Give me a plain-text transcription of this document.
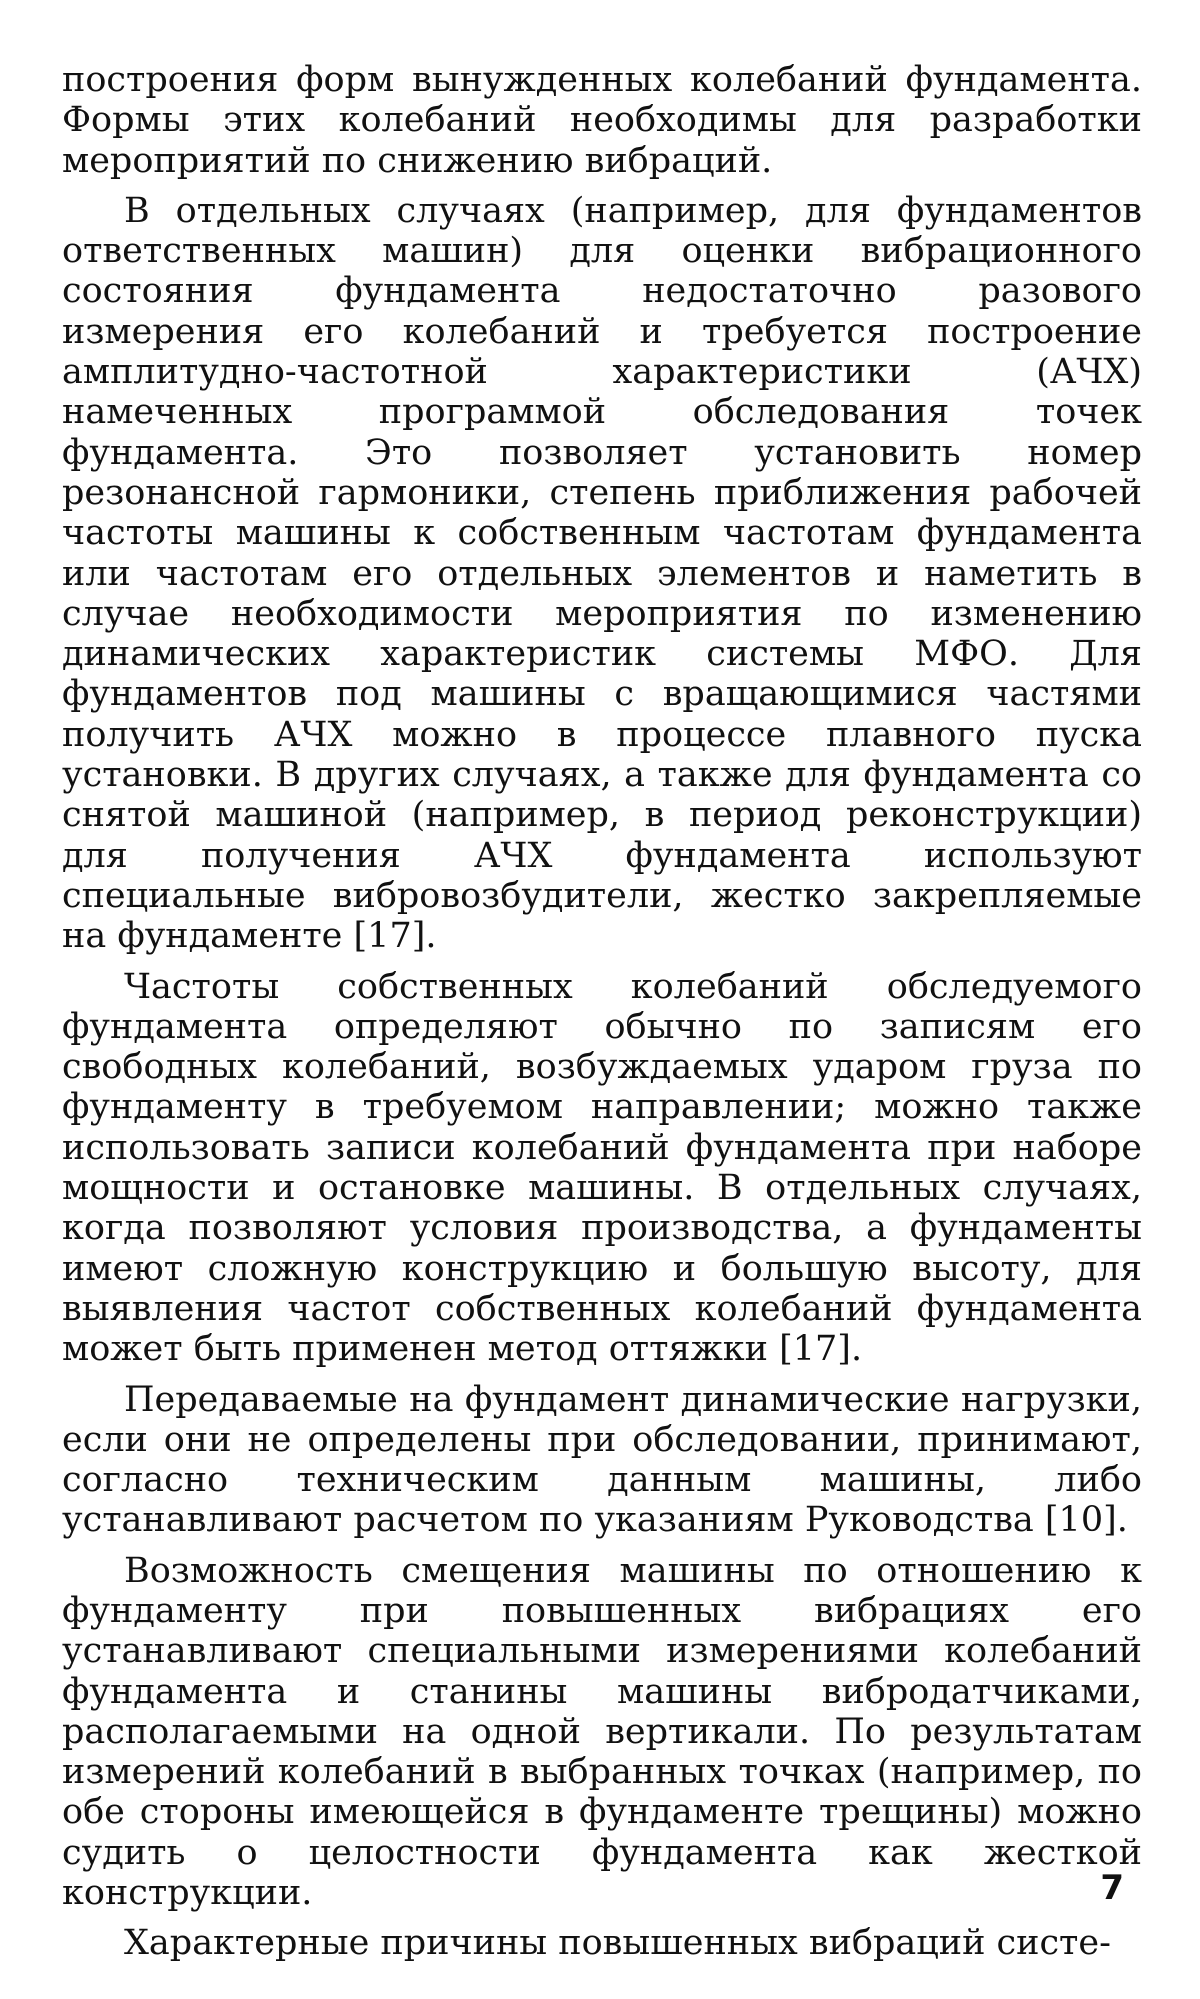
построения форм вынужденных колебаний фундамента. Формы этих колебаний необходимы для разработки мероприятий по снижению вибраций.

В отдельных случаях (например, для фундаментов ответственных машин) для оценки вибрационного состояния фундамента недостаточно разового измерения его колебаний и требуется построение амплитудно-частотной характеристики (АЧХ) намеченных программой обследования точек фундамента. Это позволяет установить номер резонансной гармоники, степень приближения рабочей частоты машины к собственным частотам фундамента или частотам его отдельных элементов и наметить в случае необходимости мероприятия по изменению динамических характеристик системы МФО. Для фундаментов под машины с вращающимися частями получить АЧХ можно в процессе плавного пуска установки. В других случаях, а также для фундамента со снятой машиной (например, в период реконструкции) для получения АЧХ фундамента используют специальные вибровозбудители, жестко закрепляемые на фундаменте [17].

Частоты собственных колебаний обследуемого фундамента определяют обычно по записям его свободных колебаний, возбуждаемых ударом груза по фундаменту в требуемом направлении; можно также использовать записи колебаний фундамента при наборе мощности и остановке машины. В отдельных случаях, когда позволяют условия производства, а фундаменты имеют сложную конструкцию и большую высоту, для выявления частот собственных колебаний фундамента может быть применен метод оттяжки [17].

Передаваемые на фундамент динамические нагрузки, если они не определены при обследовании, принимают, согласно техническим данным машины, либо устанавливают расчетом по указаниям Руководства [10].

Возможность смещения машины по отношению к фундаменту при повышенных вибрациях его устанавливают специальными измерениями колебаний фундамента и станины машины вибродатчиками, располагаемыми на одной вертикали. По результатам измерений колебаний в выбранных точках (например, по обе стороны имеющейся в фундаменте трещины) можно судить о целостности фундамента как жесткой конструкции.

Характерные причины повышенных вибраций систе-

7
